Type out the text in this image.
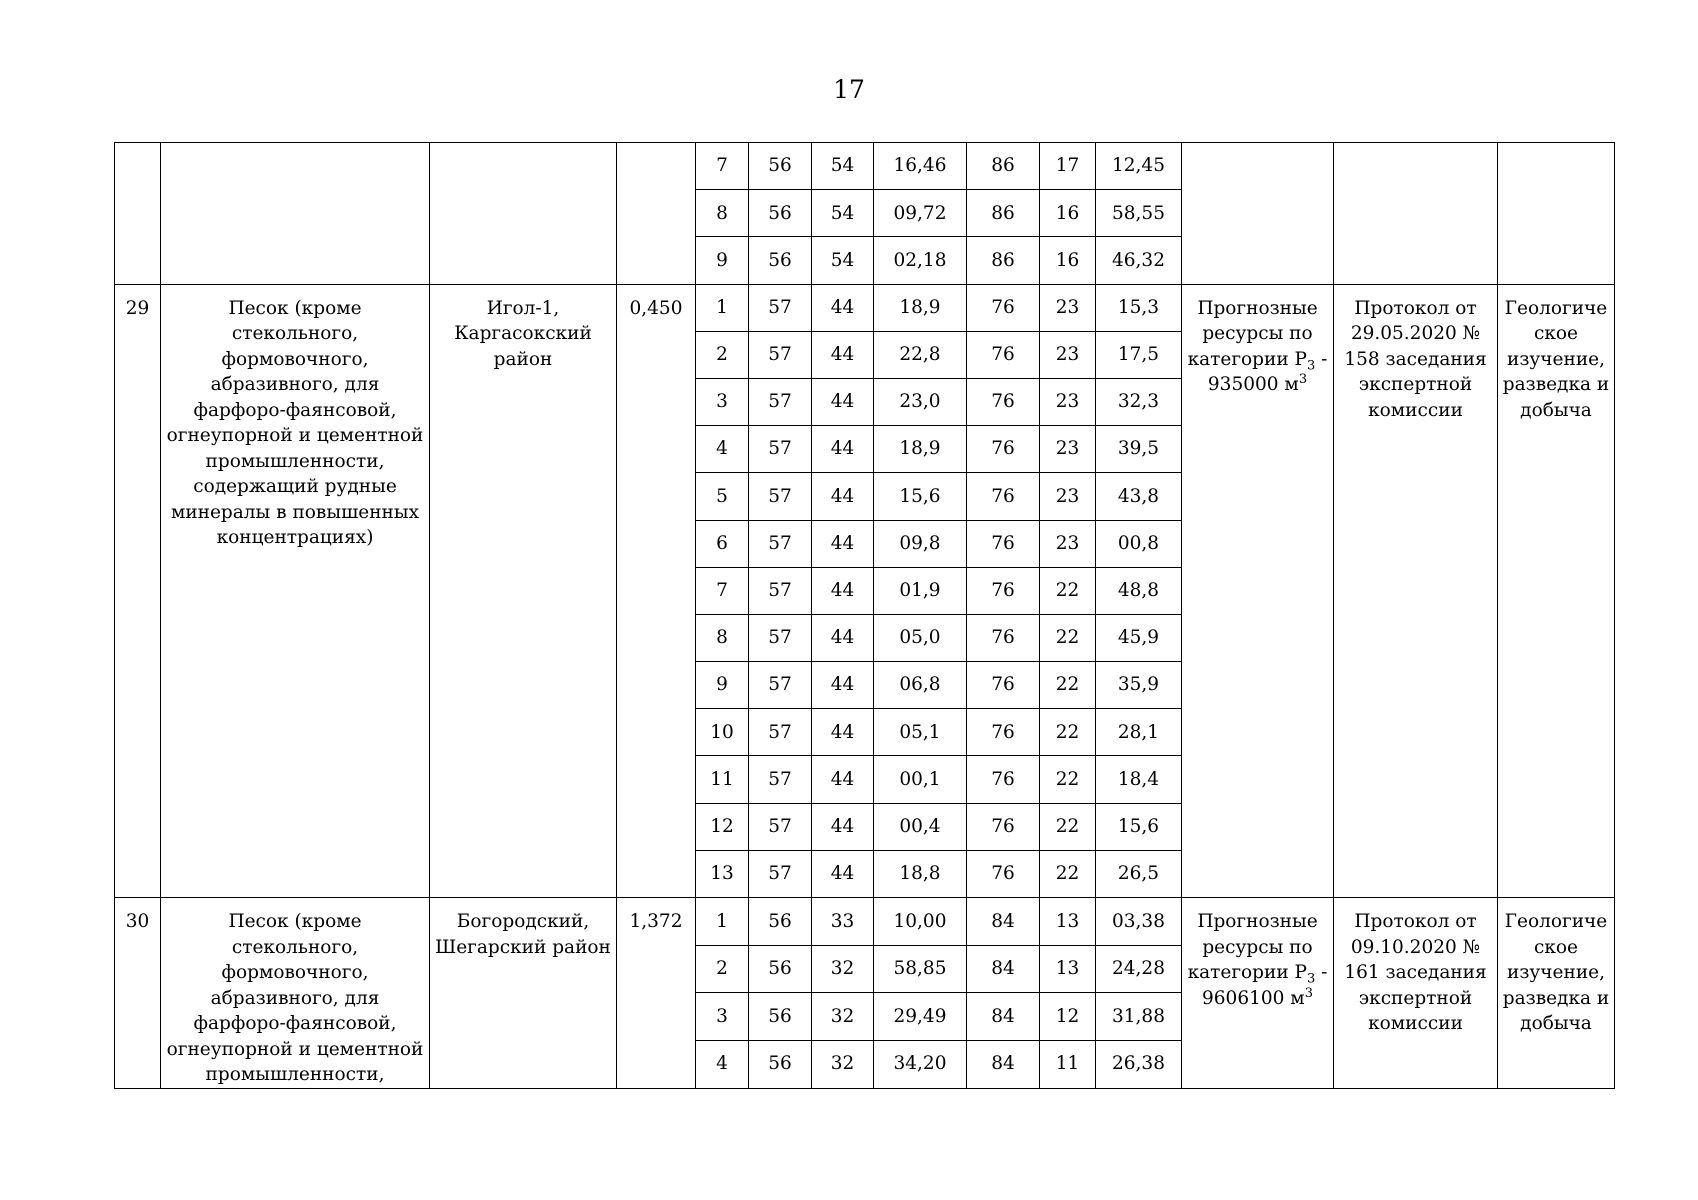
17
				7	56	54	16,46	86	17	12,45			
				8	56	54	09,72	86	16	58,55			
				9	56	54	02,18	86	16	46,32			
29	Песок (кроме стекольного, формовочного, абразивного, для фарфоро-фаянсовой, огнеупорной и цементной промышленности, содержащий рудные минералы в повышенных концентрациях)	Игол-1, Каргасокский район	0,450	1	57	44	18,9	76	23	15,3	Прогнозные ресурсы по категории $Р_3 - 935000$ $м^3$	Протокол от 29.05.2020 № 158 заседания экспертной комиссии	Геологиче ское изучение, разведка и добыча
				2	57	44	22,8	76	23	17,5			
				3	57	44	23,0	76	23	32,3			
				4	57	44	18,9	76	23	39,5			
				5	57	44	15,6	76	23	43,8			
				6	57	44	09,8	76	23	00,8			
				7	57	44	01,9	76	22	48,8			
				8	57	44	05,0	76	22	45,9			
				9	57	44	06,8	76	22	35,9			
				10	57	44	05,1	76	22	28,1			
				11	57	44	00,1	76	22	18,4			
				12	57	44	00,4	76	22	15,6			
				13	57	44	18,8	76	22	26,5			
30	Песок (кроме стекольного, формовочного, абразивного, для фарфоро-фаянсовой, огнеупорной и цементной промышленности,	Богородский, Шегарский район	1,372	1	56	33	10,00	84	13	03,38	Прогнозные ресурсы по категории $Р_3 - 9606100$ $м^3$	Протокол от 09.10.2020 № 161 заседания экспертной комиссии	Геологиче ское изучение, разведка и добыча
				2	56	32	58,85	84	13	24,28			
				3	56	32	29,49	84	12	31,88			
				4	56	32	34,20	84	11	26,38			
